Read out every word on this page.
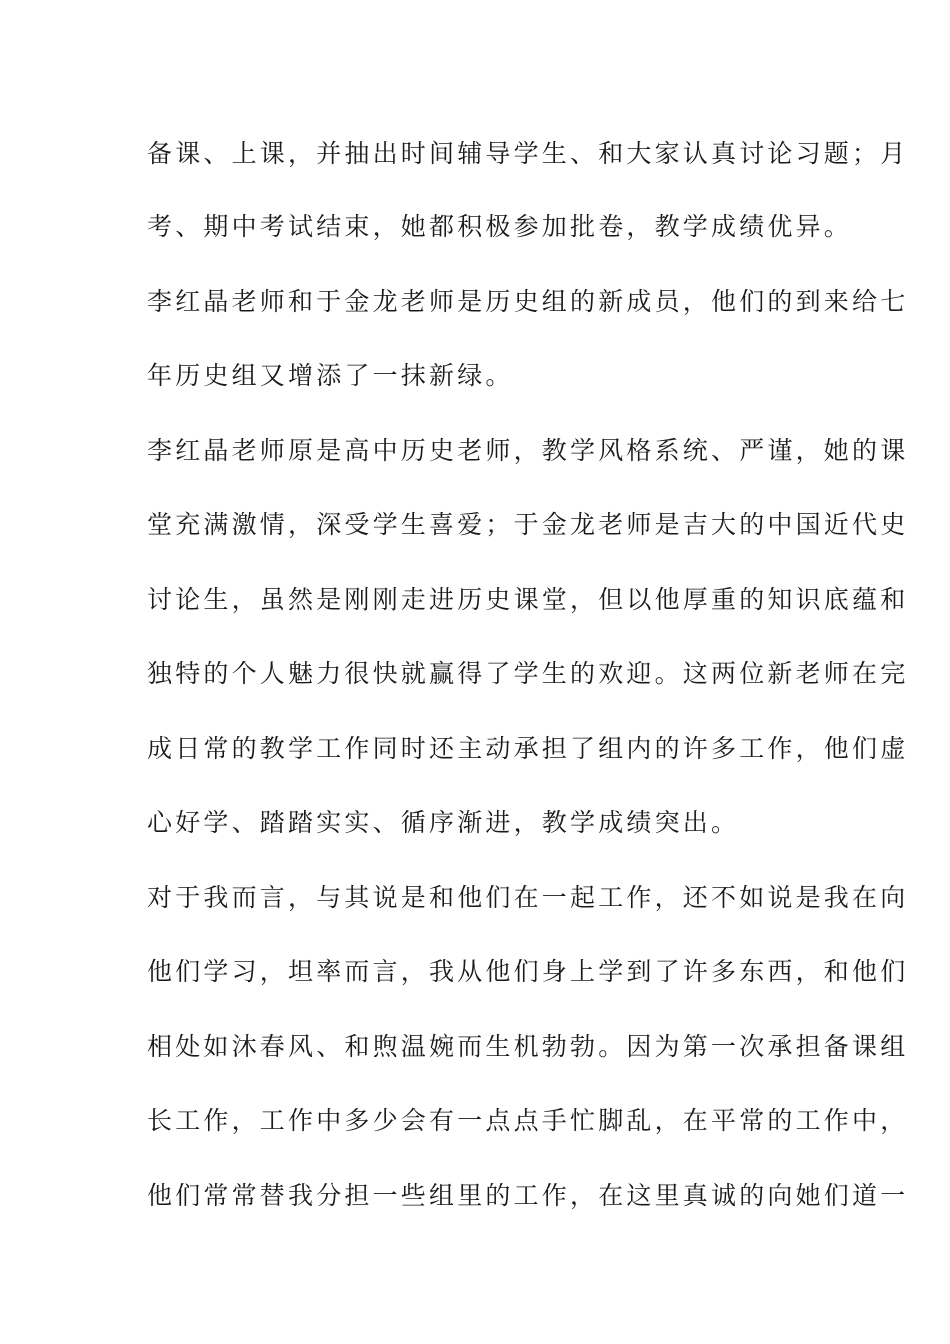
备课、上课，并抽出时间辅导学生、和大家认真讨论习题；月
考、期中考试结束，她都积极参加批卷，教学成绩优异。
李红晶老师和于金龙老师是历史组的新成员，他们的到来给七
年历史组又增添了一抹新绿。
李红晶老师原是高中历史老师，教学风格系统、严谨，她的课
堂充满激情，深受学生喜爱；于金龙老师是吉大的中国近代史
讨论生，虽然是刚刚走进历史课堂，但以他厚重的知识底蕴和
独特的个人魅力很快就赢得了学生的欢迎。这两位新老师在完
成日常的教学工作同时还主动承担了组内的许多工作，他们虚
心好学、踏踏实实、循序渐进，教学成绩突出。
对于我而言，与其说是和他们在一起工作，还不如说是我在向
他们学习，坦率而言，我从他们身上学到了许多东西，和他们
相处如沐春风、和煦温婉而生机勃勃。因为第一次承担备课组
长工作，工作中多少会有一点点手忙脚乱，在平常的工作中，
他们常常替我分担一些组里的工作，在这里真诚的向她们道一
